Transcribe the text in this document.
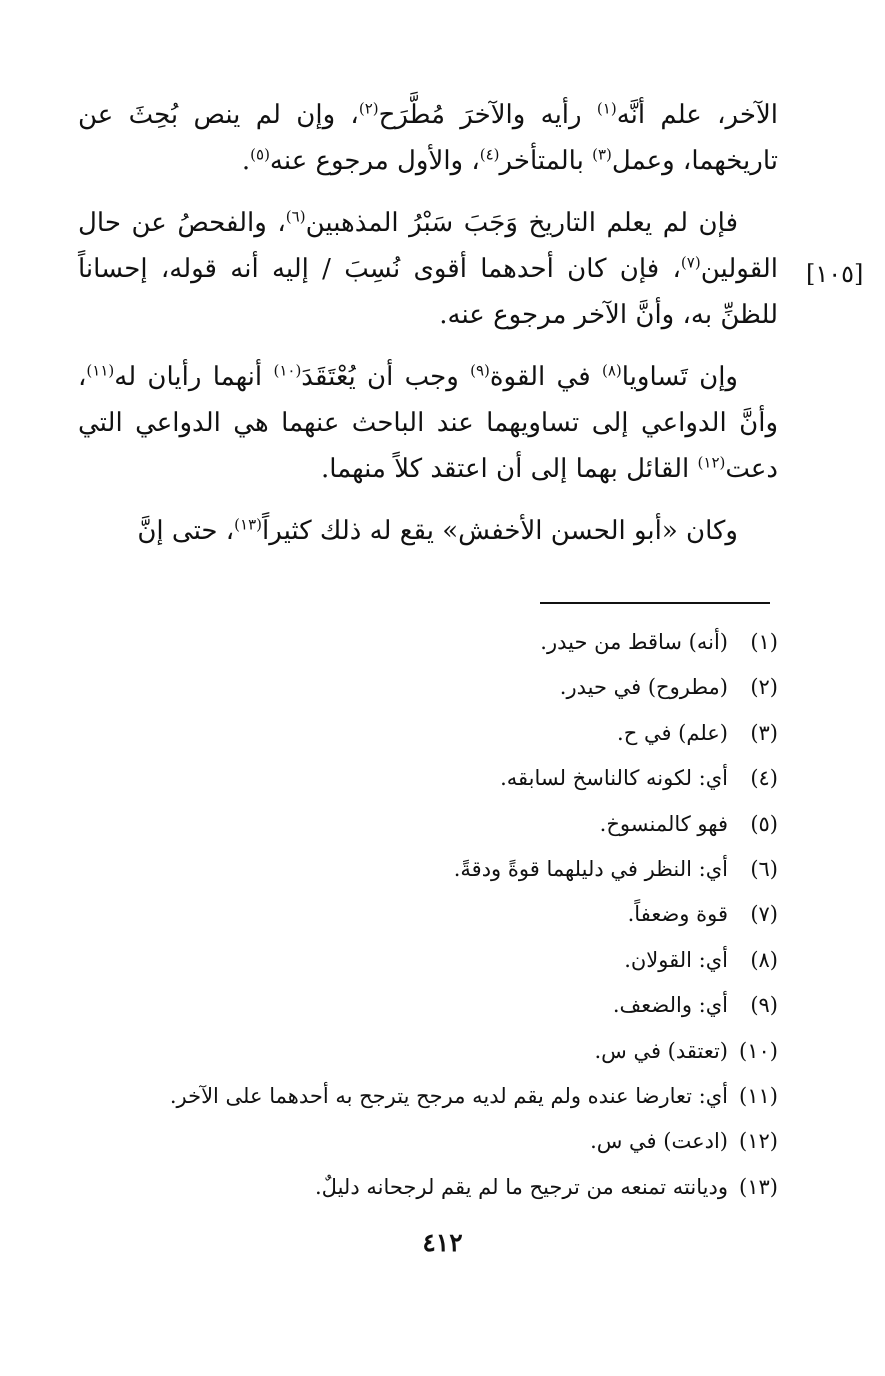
[١٠٥]

الآخر، علم أنَّه$^{(١)}$ رأيه والآخرَ مُطَّرَح$^{(٢)}$، وإن لم ينص بُحِثَ عن تاريخهما، وعمل$^{(٣)}$ بالمتأخر$^{(٤)}$، والأول مرجوع عنه$^{(٥)}$.

فإن لم يعلم التاريخ وَجَبَ سَبْرُ المذهبين$^{(٦)}$، والفحصُ عن حال القولين$^{(٧)}$، فإن كان أحدهما أقوى نُسِبَ / إليه أنه قوله، إحساناً للظنِّ به، وأنَّ الآخر مرجوع عنه.

وإن تَساويا$^{(٨)}$ في القوة$^{(٩)}$ وجب أن يُعْتَقَدَ$^{(١٠)}$ أنهما رأيان له$^{(١١)}$، وأنَّ الدواعي إلى تساويهما عند الباحث عنهما هي الدواعي التي دعت$^{(١٢)}$ القائل بهما إلى أن اعتقد كلاً منهما.

وكان «أبو الحسن الأخفش» يقع له ذلك كثيراً$^{(١٣)}$، حتى إنَّ

(١)(أنه) ساقط من حيدر.
(٢)(مطروح) في حيدر.
(٣)(علم) في ح.
(٤)أي: لكونه كالناسخ لسابقه.
(٥)فهو كالمنسوخ.
(٦)أي: النظر في دليلهما قوةً ودقةً.
(٧)قوة وضعفاً.
(٨)أي: القولان.
(٩)أي: والضعف.
(١٠)(تعتقد) في س.
(١١)أي: تعارضا عنده ولم يقم لديه مرجح يترجح به أحدهما على الآخر.
(١٢)(ادعت) في س.
(١٣)وديانته تمنعه من ترجيح ما لم يقم لرجحانه دليلٌ.
٤١٢
